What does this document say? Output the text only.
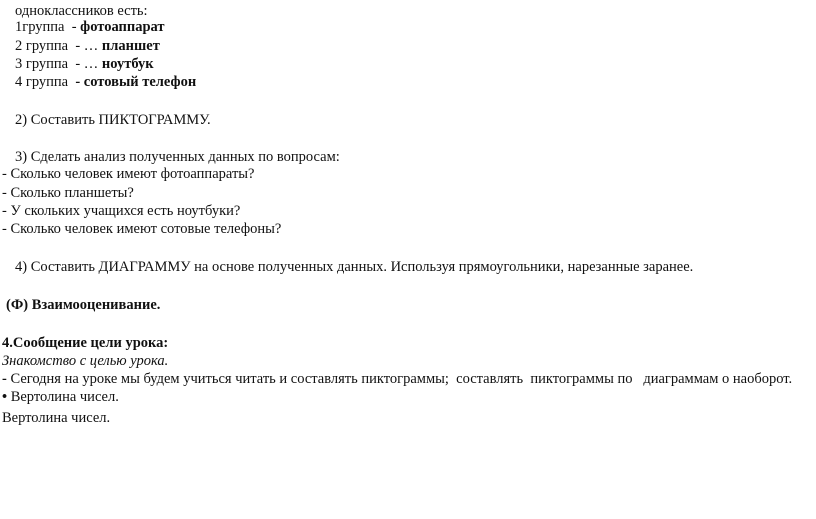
одноклассников есть:
1группа  - фотоаппарат
2 группа  - … планшет
3 группа  - … ноутбук
4 группа  - сотовый телефон
2) Составить ПИКТОГРАММУ.
3) Сделать анализ полученных данных по вопросам:
- Сколько человек имеют фотоаппараты?
- Сколько планшеты?
- У скольких учащихся есть ноутбуки?
- Сколько человек имеют сотовые телефоны?
4) Составить ДИАГРАММУ на основе полученных данных. Используя прямоугольники, нарезанные заранее.
(Ф) Взаимооценивание.
4.Сообщение цели урока:
Знакомство с целью урока.
- Сегодня на уроке мы будем учиться читать и составлять пиктограммы;  составлять  пиктограммы по   диаграммам о наоборот.
• Вертолина чисел.
Вертолина чисел.
